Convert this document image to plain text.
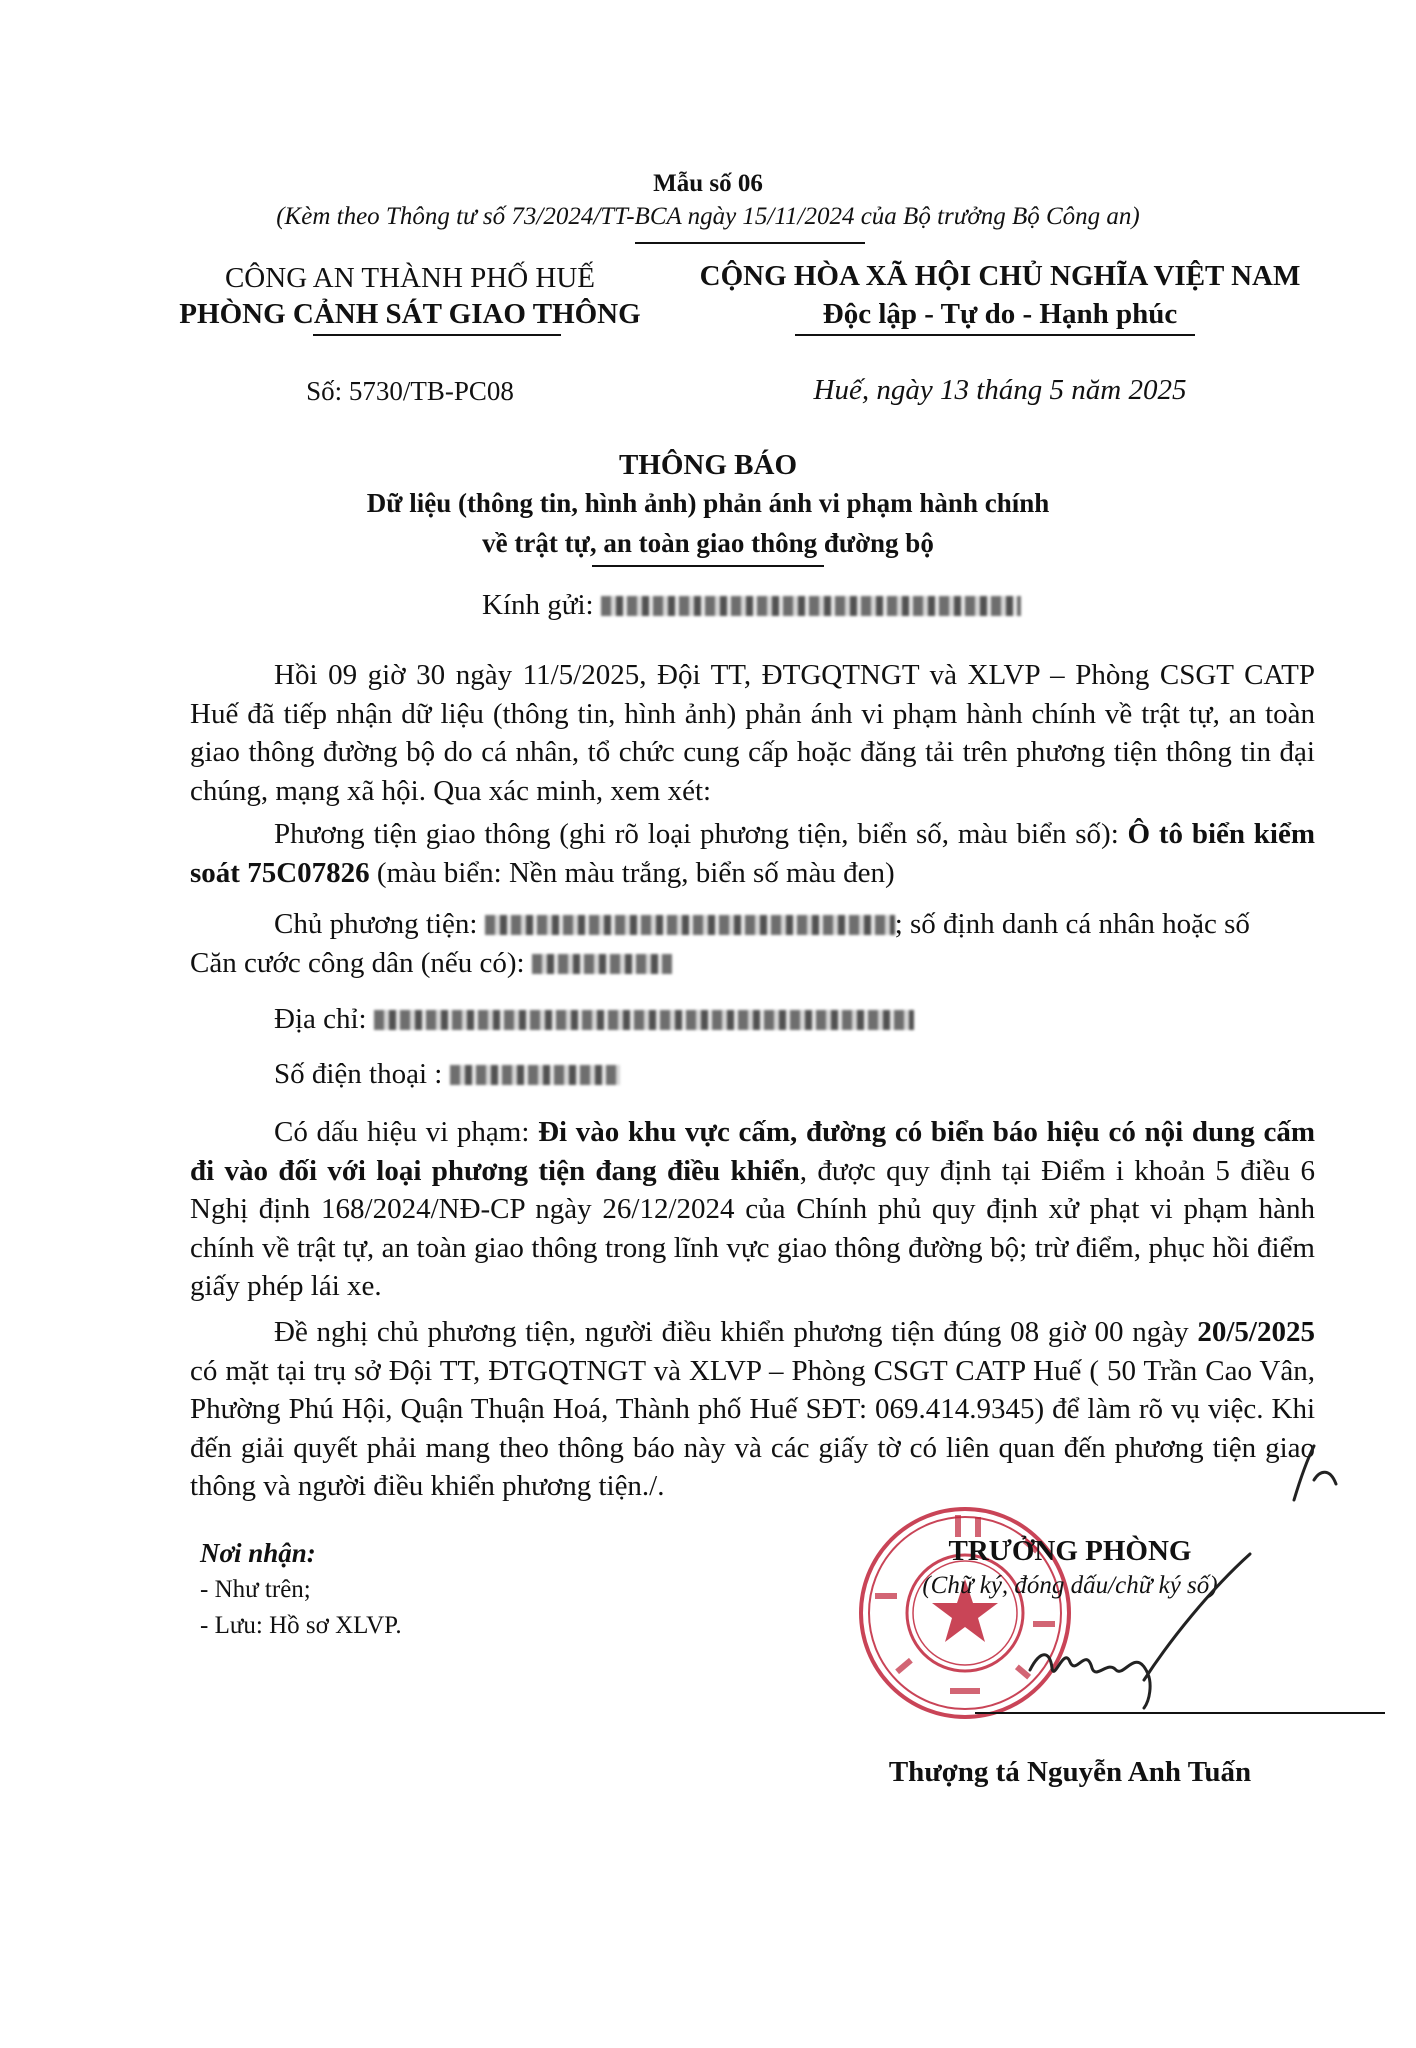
Mẫu số 06
(Kèm theo Thông tư số 73/2024/TT-BCA ngày 15/11/2024 của Bộ trưởng Bộ Công an)
CÔNG AN THÀNH PHỐ HUẾ
PHÒNG CẢNH SÁT GIAO THÔNG
CỘNG HÒA XÃ HỘI CHỦ NGHĨA VIỆT NAM
Độc lập - Tự do - Hạnh phúc
Số: 5730/TB-PC08	Huế, ngày 13 tháng 5 năm 2025
THÔNG BÁO
Dữ liệu (thông tin, hình ảnh) phản ánh vi phạm hành chính
về trật tự, an toàn giao thông đường bộ
Kính gửi:
Hồi 09 giờ 30 ngày 11/5/2025, Đội TT, ĐTGQTNGT và XLVP – Phòng CSGT CATP Huế đã tiếp nhận dữ liệu (thông tin, hình ảnh) phản ánh vi phạm hành chính về trật tự, an toàn giao thông đường bộ do cá nhân, tổ chức cung cấp hoặc đăng tải trên phương tiện thông tin đại chúng, mạng xã hội. Qua xác minh, xem xét:
Phương tiện giao thông (ghi rõ loại phương tiện, biển số, màu biển số): Ô tô biển kiểm soát 75C07826 (màu biển: Nền màu trắng, biển số màu đen)
Chủ phương tiện:	; số định danh cá nhân hoặc số
Căn cước công dân (nếu có):
Địa chỉ:
Số điện thoại :
Có dấu hiệu vi phạm: Đi vào khu vực cấm, đường có biển báo hiệu có nội dung cấm đi vào đối với loại phương tiện đang điều khiển, được quy định tại Điểm i khoản 5 điều 6 Nghị định 168/2024/NĐ-CP ngày 26/12/2024 của Chính phủ quy định xử phạt vi phạm hành chính về trật tự, an toàn giao thông trong lĩnh vực giao thông đường bộ; trừ điểm, phục hồi điểm giấy phép lái xe.
Đề nghị chủ phương tiện, người điều khiển phương tiện đúng 08 giờ 00 ngày 20/5/2025 có mặt tại trụ sở Đội TT, ĐTGQTNGT và XLVP – Phòng CSGT CATP Huế ( 50 Trần Cao Vân, Phường Phú Hội, Quận Thuận Hoá, Thành phố Huế SĐT: 069.414.9345) để làm rõ vụ việc. Khi đến giải quyết phải mang theo thông báo này và các giấy tờ có liên quan đến phương tiện giao thông và người điều khiển phương tiện./.
Nơi nhận:
- Như trên;
- Lưu: Hồ sơ XLVP.
TRƯỞNG PHÒNG
(Chữ ký, đóng dấu/chữ ký số)
Thượng tá Nguyễn Anh Tuấn
